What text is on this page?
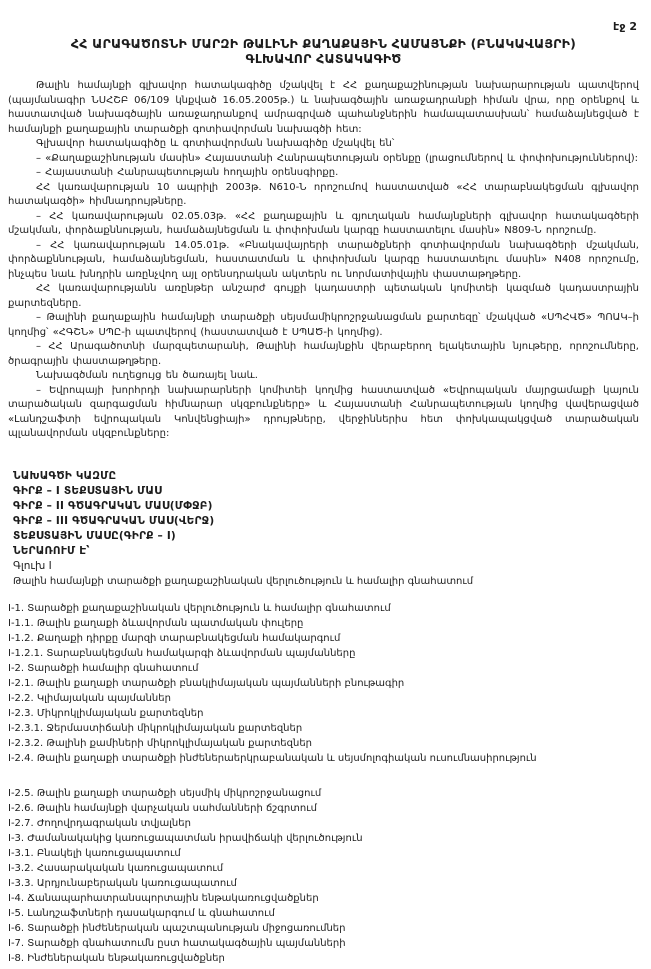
էջ 2
ՀՀ ԱՐԱԳԱԾՈՏՆԻ ՄԱՐԶԻ ԹԱԼԻՆԻ ՔԱՂԱՔԱՅԻՆ ՀԱՄԱՅՆՔԻ (ԲՆԱԿԱՎԱՅՐԻ)
ԳԼԽԱՎՈՐ ՀԱՏԱԿԱԳԻԾ

Թալին համայնքի գլխավոր հատակագիծը մշակվել է ՀՀ քաղաքաշինության նախարարության պատվերով (պայմանագիր ՆՍՀՇԲ 06/109 կնքված 16.05.2005թ.) և նախագծային առաջադրանքի հիման վրա, որը օրենքով և հաստատված նախագծային առաջադրանքով ամրագրված պահանջներին համապատասխան՝ համաձայնեցված է համայնքի քաղաքային տարածքի գոտիավորման նախագծի հետ:

Գլխավոր հատակագիծը և գոտիավորման նախագիծը մշակվել են՝

– «Քաղաքաշինության մասին» Հայաստանի Հանրապետության օրենքը (լրացումներով և փոփոխություններով):

– Հայաստանի Հանրապետության հողային օրենսգիրքը.

ՀՀ կառավարության 10 ապրիլի 2003թ. N610-Ն որոշումով հաստատված «ՀՀ տարաբնակեցման գլխավոր հատակագծի» հիմնադրույթները.

– ՀՀ կառավարության 02.05.03թ. «ՀՀ քաղաքային և գյուղական համայնքների գլխավոր հատակագծերի մշակման, փորձաքննության, համաձայնեցման և փոփոխման կարգը հաստատելու մասին» N809-Ն որոշումը.

– ՀՀ կառավարության 14.05.01թ. «Բնակավայրերի տարածքների գոտիավորման նախագծերի մշակման, փորձաքննության, համաձայնեցման, հաստատման և փոփոխման կարգը հաստատելու մասին» N408 որոշումը, ինչպես նաև խնդրին առընչվող այլ օրենսդրական ակտերն ու նորմատիվային փաստաթղթերը.

ՀՀ կառավարությանն առընթեր անշարժ գույքի կադաստրի պետական կոմիտեի կազմած կադաստրային քարտեզները.

– Թալինի քաղաքային համայնքի տարածքի սեյսմամիկրոշրջանացման քարտեզը՝ մշակված «ՍՊՀՎԾ» ՊՈԱԿ–ի կողմից՝ «ՀԳՇՆ» ՍՊԸ-ի պատվերով (հաստատված է ՍՊԱԾ-ի կողմից).

– ՀՀ Արագածոտնի մարզպետարանի, Թալինի համայնքին վերաբերող ելակետային նյութերը, որոշումները, ծրագրային փաստաթղթերը.

Նախագծման ուղեցույց են ծառայել նաև.

– Եվրոպայի խորհրդի նախարարների կոմիտեի կողմից հաստատված «Եվրոպական մայրցամաքի կայուն տարածական զարգացման հիմնարար սկզբունքները» և Հայաստանի Հանրապետության կողմից վավերացված «Լանդշաֆտի եվրոպական Կոնվենցիայի» դրույթները, վերջիններիս հետ փոխկապակցված տարածական պլանավորման սկզբունքները:

ՆԱԽԱԳԾԻ ԿԱԶՄԸ
ԳԻՐՔ – I ՏԵՔՍՏԱՅԻՆ ՄԱՍ
ԳԻՐՔ – II ԳԾԱԳՐԱԿԱՆ ՄԱՍ(ՄՓՋԲ)
ԳԻՐՔ – III ԳԾԱԳՐԱԿԱՆ ՄԱՍ(ՎԵՐՋ)
ՏԵՔՍՏԱՅԻՆ ՄԱՍԸ(ԳԻՐՔ – I)
ՆԵՐԱՌՈՒՄ Է՝
Գլուխ I
Թալին համայնքի տարածքի քաղաքաշինական վերլուծություն և համալիր գնահատում
I-1. Տարածքի քաղաքաշինական վերլուծություն և համալիր գնահատում
I-1.1. Թալին քաղաքի ձևավորման պատմական փուլերը
I-1.2. Քաղաքի դիրքը մարզի տարաբնակեցման համակարգում
I-1.2.1. Տարաբնակեցման համակարգի ձևավորման պայմանները
I-2. Տարածքի համալիր գնահատում
I-2.1. Թալին քաղաքի տարածքի բնակլիմայական պայմանների բնութագիր
I-2.2. Կլիմայական պայմաններ
I-2.3. Միկրոկլիմայական քարտեզներ
I-2.3.1. Ջերմաստիճանի միկրոկլիմայական քարտեզներ
I-2.3.2. Թալինի քամիների միկրոկլիմայական քարտեզներ
I-2.4. Թալին քաղաքի տարածքի ինժեներաերկրաբանական և սեյսմոլոգիական ուսումնասիրություն
I-2.5. Թալին քաղաքի տարածքի սեյսմիկ միկրոշրջանացում
I-2.6. Թալին համայնքի վարչական սահմանների ճշգրտում
I-2.7. Ժողովրդագրական տվյալներ
I-3. Ժամանակակից կառուցապատման իրավիճակի վերլուծություն
I-3.1. Բնակելի կառուցապատում
I-3.2. Հասարակական կառուցապատում
I-3.3. Արդյունաբերական կառուցապատում
I-4. Ճանապարհատրանսպորտային ենթակառուցվածքներ
I-5. Լանդշաֆտների դասակարգում և գնահատում
I-6. Տարածքի ինժեներական պաշտպանության միջոցառումներ
I-7. Տարածքի գնահատումն ըստ հատակագծային պայմանների
I-8. Ինժեներական ենթակառուցվածքներ
